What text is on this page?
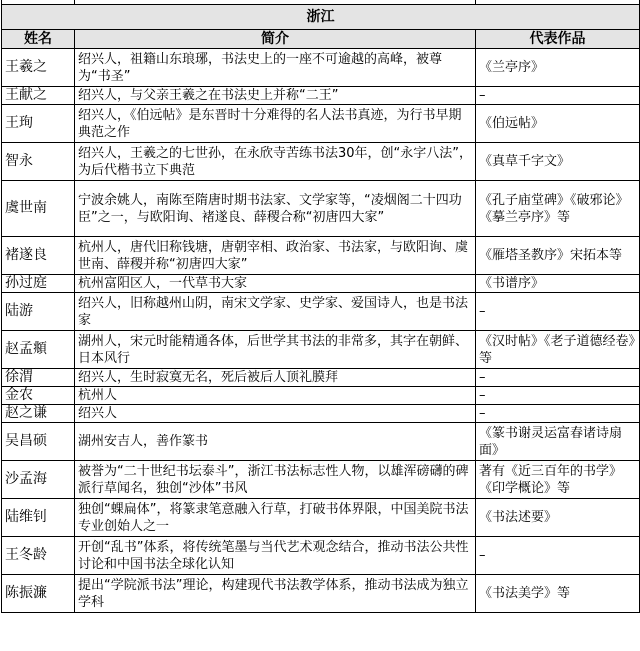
浙江		
姓名	简介	代表作品
王羲之	绍兴人，祖籍山东琅琊，书法史上的一座不可逾越的高峰，被尊为“书圣”	《兰亭序》
王献之	绍兴人，与父亲王羲之在书法史上并称“二王”	–
王珣	绍兴人，《伯远帖》是东晋时十分难得的名人法书真迹，为行书早期典范之作	《伯远帖》
智永	绍兴人，王羲之的七世孙，在永欣寺苦练书法30年，创“永字八法”，为后代楷书立下典范	《真草千字文》
虞世南	宁波余姚人，南陈至隋唐时期书法家、文学家等，“凌烟阁二十四功臣”之一，与欧阳询、褚遂良、薛稷合称“初唐四大家”	《孔子庙堂碑》《破邪论》《摹兰亭序》等
褚遂良	杭州人，唐代旧称钱塘，唐朝宰相、政治家、书法家，与欧阳询、虞世南、薛稷并称“初唐四大家”	《雁塔圣教序》宋拓本等
孙过庭	杭州富阳区人，一代草书大家	《书谱序》
陆游	绍兴人，旧称越州山阴，南宋文学家、史学家、爱国诗人，也是书法家	–
赵孟頫	湖州人，宋元时能精通各体，后世学其书法的非常多，其字在朝鲜、日本风行	《汉时帖》《老子道德经卷》等
徐渭	绍兴人，生时寂寞无名，死后被后人顶礼膜拜	–
金农	杭州人	–
赵之谦	绍兴人	–
吴昌硕	湖州安吉人，善作篆书	《篆书谢灵运富春诸诗扇面》
沙孟海	被誉为“二十世纪书坛泰斗”，浙江书法标志性人物，以雄浑磅礴的碑派行草闻名，独创“沙体”书风	著有《近三百年的书学》《印学概论》等
陆维钊	独创“蜾扁体”，将篆隶笔意融入行草，打破书体界限，中国美院书法专业创始人之一	《书法述要》
王冬龄	开创“乱书”体系，将传统笔墨与当代艺术观念结合，推动书法公共性讨论和中国书法全球化认知	–
陈振濂	提出“学院派书法”理论，构建现代书法教学体系，推动书法成为独立学科	《书法美学》等
